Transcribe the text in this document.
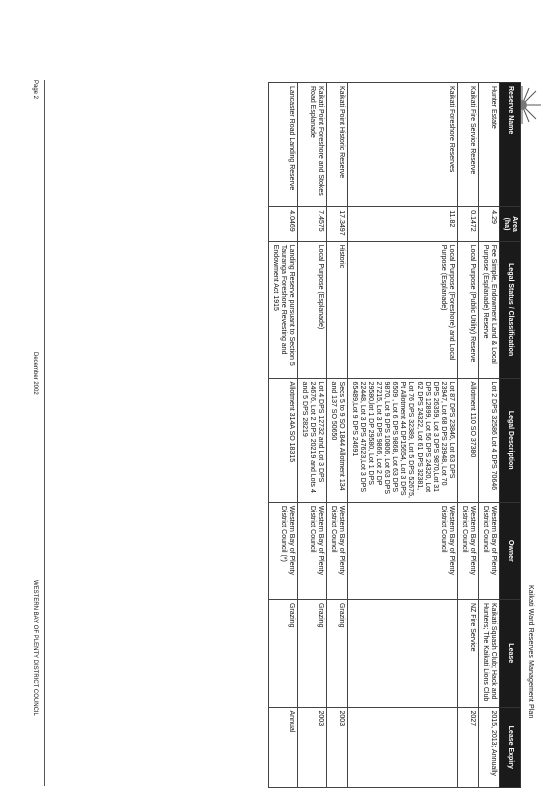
Kaikati Ward Reserves Management Plan
Reserve Name	Area (ha)	Legal Status / Classification	Legal Description	Owner	Lease	Lease Expiry
Hunter Estate	4.29	Fee Simple, Endowment Land & Local Purpose (Esplanade) Reserve	Lot 2 DPS 32586 Lot 4 DPS 70646	Western Bay of Plenty District Council	Kaikati Squash Club; Hack and Hunters; The Kaikati Lions Club	2015, 2013; Annually
Kaikati Fire Service Reserve	0.1472	Local Purpose (Public Utility) Reserve	Allotment 110 SO 37380	Western Bay of Plenty District Council	NZ Fire Service	2027
Kaikati Foreshore Reserves	11.82	Local Purpose (Foreshore) and Local Purpose (Esplanade)	Lot 87 DPS 23846, Lot 63 DPS 23947, Lot 68 DPS 23948, Lot 70 DPS 26359, Lot 3 DPS 9870,Lot 31 DPS 12899, Lot 56 DPS 24320, Lot 62 DPS 24322, Lot 61 DPS 32381, Lot 76 DPS 32389, Lot 5 DPS 52675, Pt Allotment 44 DP15654, Lot 3 DPS 6509 , Lot 6 DPS 9868, Lot 63 DPS 9870, Lot 9 DPS 10806, Lot 63 DPS 27215, Lot 3 DPS 9866, Lot 2 DP 29580,lot 1 DP 29580, Lot 1 DPS 22448, Lot 3 DPS 47623,Lot 3 DPS 65489,Lot 9 DPS 24691	Western Bay of Plenty District Council		
Kaikati Point Historic Reserve	17.3497	Historic	Secs 5 to 9 SO 1844 Allotment 134 and 137 SO 50650	Western Bay of Plenty District Council	Grazing	2003
Kaikati Point Foreshore and Stokes Road Esplanade	7.4575	Local Purpose (Esplanade)	Lot 4 DPS 12732 and Lot 3 DPS 24676, Lot 2 DPS 20219 and Lots 4 and 5 DPS 28219	Western Bay of Plenty District Council	Grazing	2003
Lancaster Road Landing Reserve	4.0469	Landing Reserve pursuant to Section 5 Tauranga Foreshore Revesting and Endowment Act 1915	Allotment 314A SO 18315	Western Bay of Plenty District Council (*)	Grazing	Annual
Page 2
December 2002
WESTERN BAY OF PLENTY DISTRICT COUNCIL
